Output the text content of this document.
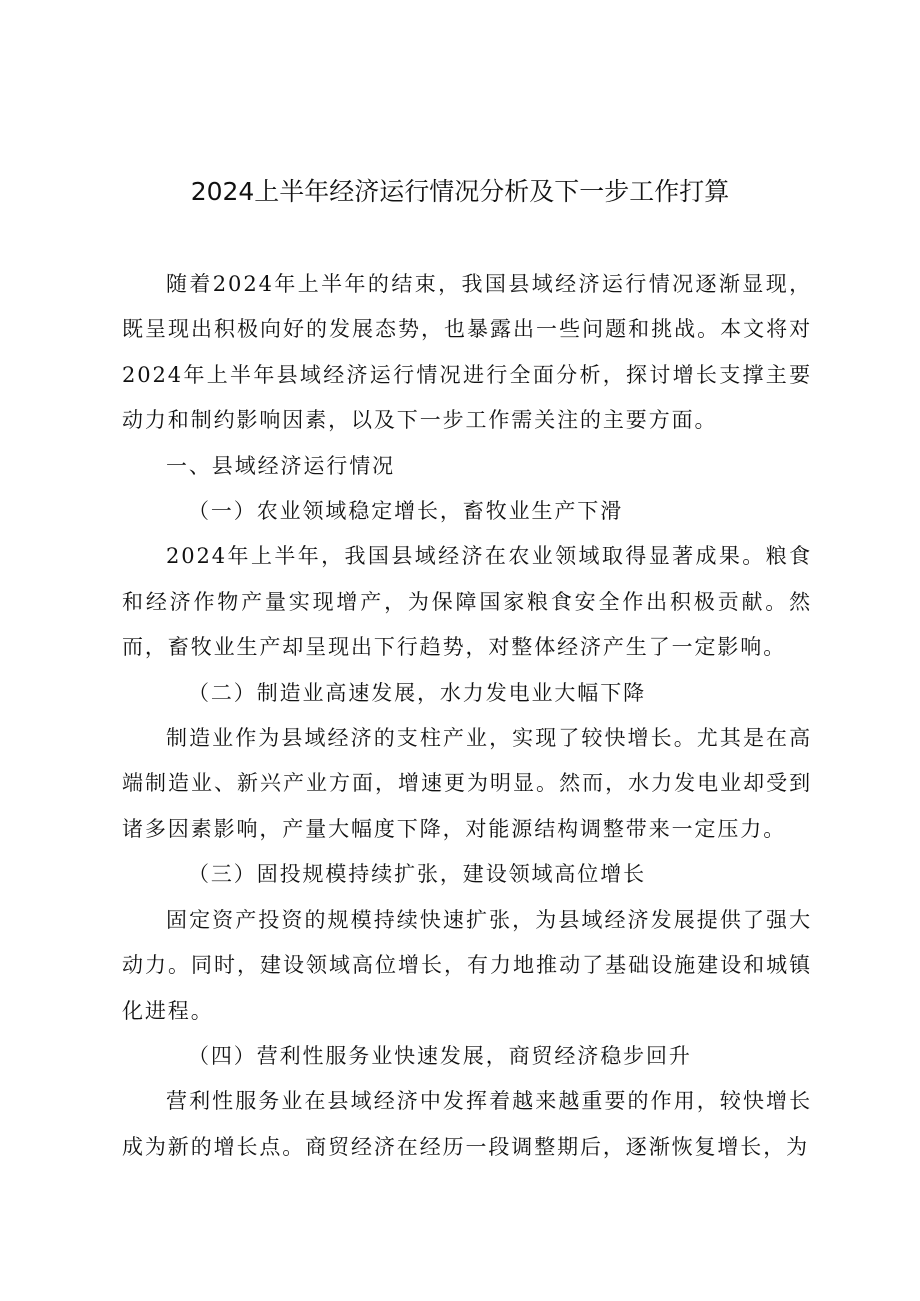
2024上半年经济运行情况分析及下一步工作打算

随着2024年上半年的结束，我国县域经济运行情况逐渐显现，既呈现出积极向好的发展态势，也暴露出一些问题和挑战。本文将对2024年上半年县域经济运行情况进行全面分析，探讨增长支撑主要动力和制约影响因素，以及下一步工作需关注的主要方面。

一、县域经济运行情况

（一）农业领域稳定增长，畜牧业生产下滑

2024年上半年，我国县域经济在农业领域取得显著成果。粮食和经济作物产量实现增产，为保障国家粮食安全作出积极贡献。然而，畜牧业生产却呈现出下行趋势，对整体经济产生了一定影响。

（二）制造业高速发展，水力发电业大幅下降

制造业作为县域经济的支柱产业，实现了较快增长。尤其是在高端制造业、新兴产业方面，增速更为明显。然而，水力发电业却受到诸多因素影响，产量大幅度下降，对能源结构调整带来一定压力。

（三）固投规模持续扩张，建设领域高位增长

固定资产投资的规模持续快速扩张，为县域经济发展提供了强大动力。同时，建设领域高位增长，有力地推动了基础设施建设和城镇化进程。

（四）营利性服务业快速发展，商贸经济稳步回升

营利性服务业在县域经济中发挥着越来越重要的作用，较快增长成为新的增长点。商贸经济在经历一段调整期后，逐渐恢复增长，为
